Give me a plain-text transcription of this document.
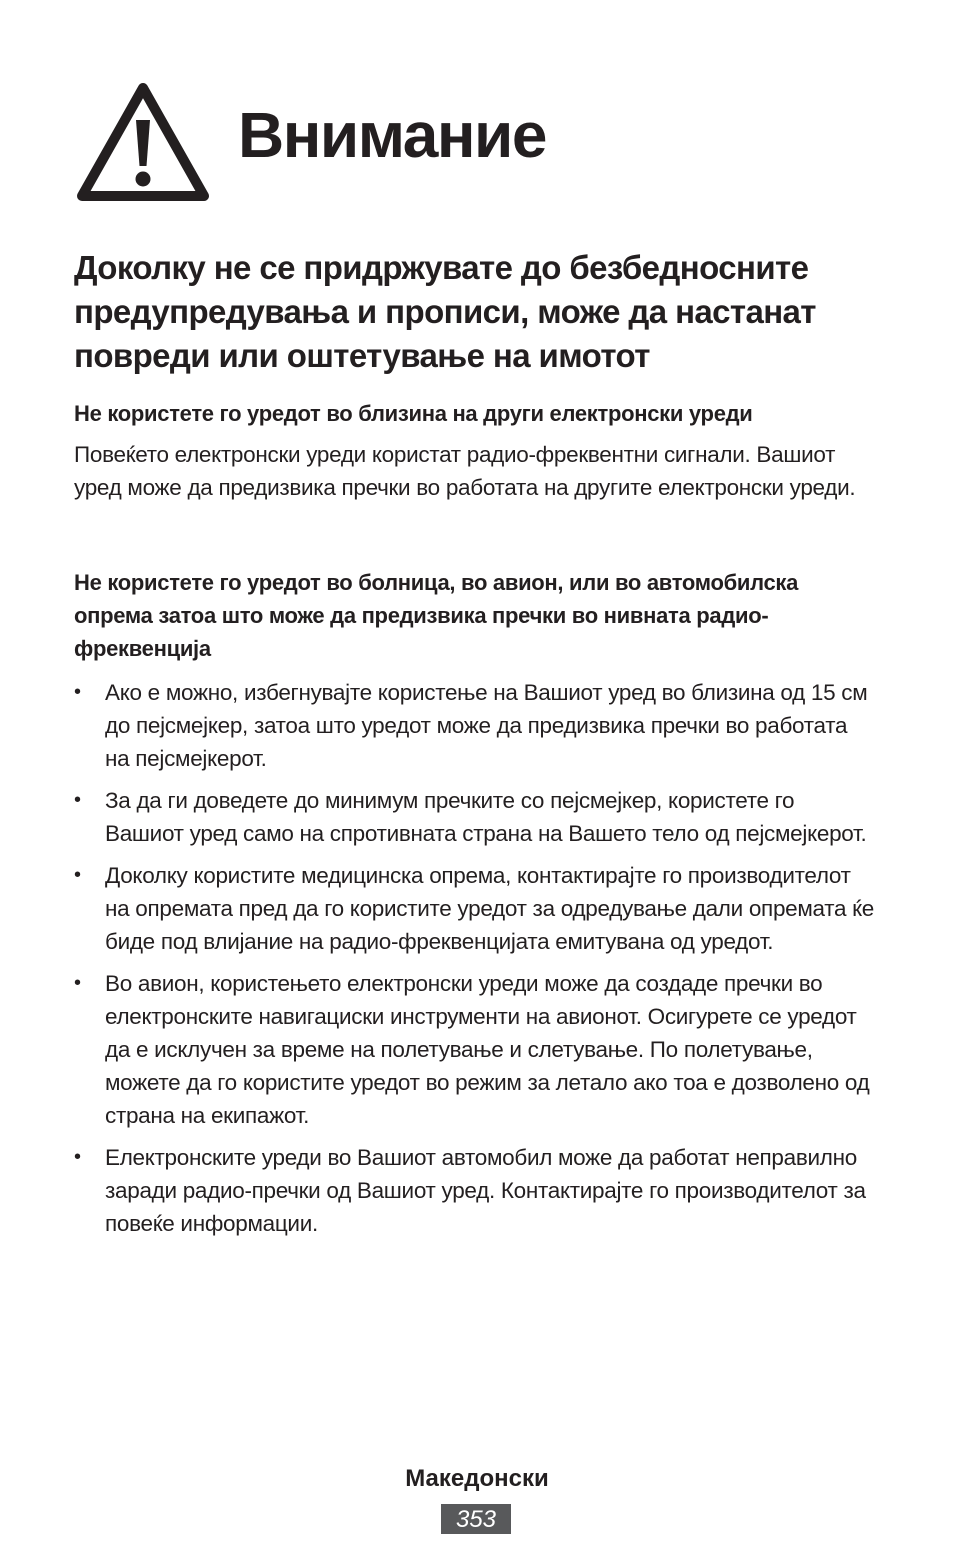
Внимание
Доколку не се придржувате до безбедносните предупредувања и прописи, може да настанат повреди или оштетување на имотот
Не користете го уредот во близина на други електронски уреди

Повеќето електронски уреди користат радио-фреквентни сигнали. Вашиот уред може да предизвика пречки во работата на другите електронски уреди.

Не користете го уредот во болница, во авион, или во автомобилска опрема затоа што може да предизвика пречки во нивната радио-фреквенција
• Ако е можно, избегнувајте користење на Вашиот уред во близина од 15 см до пејсмејкер, затоа што уредот може да предизвика пречки во работата на пејсмејкерот.
• За да ги доведете до минимум пречките со пејсмејкер, користете го Вашиот уред само на спротивната страна на Вашето тело од пејсмејкерот.
• Доколку користите медицинска опрема, контактирајте го производителот на опремата пред да го користите уредот за одредување дали опремата ќе биде под влијание на радио-фреквенцијата емитувана од уредот.
• Во авион, користењето електронски уреди може да создаде пречки во електронските навигациски инструменти на авионот. Осигурете се уредот да е исклучен за време на полетување и слетување. По полетување, можете да го користите уредот во режим за летало ако тоа е дозволено од страна на екипажот.
• Електронските уреди во Вашиот автомобил може да работат неправилно заради радио-пречки од Вашиот уред. Контактирајте го производителот за повеќе информации.
Македонски
353
